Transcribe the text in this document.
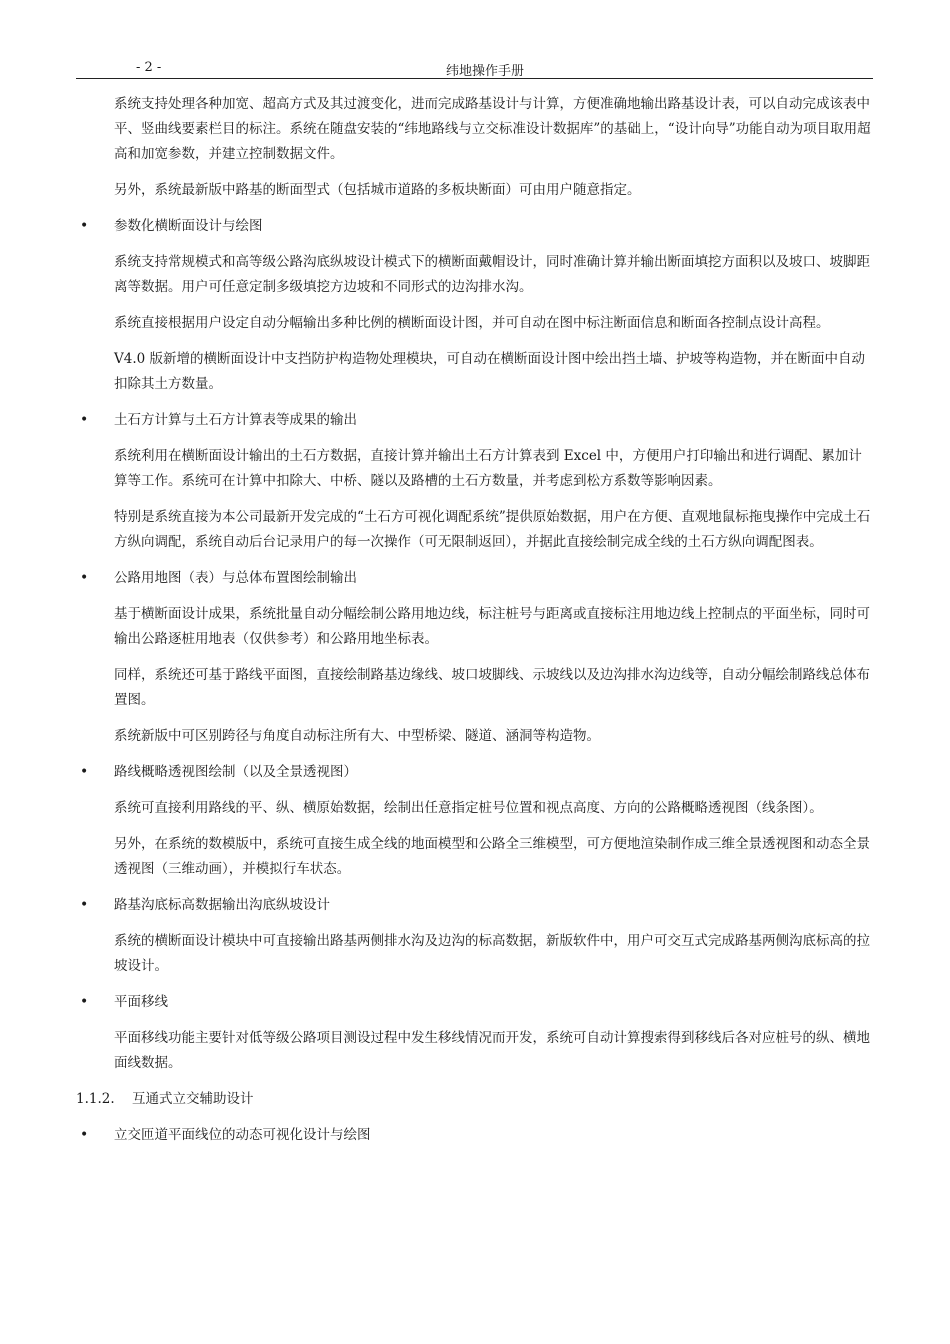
- 2 -	纬地操作手册

系统支持处理各种加宽、超高方式及其过渡变化，进而完成路基设计与计算，方便准确地输出路基设计表，可以自动完成该表中平、竖曲线要素栏目的标注。系统在随盘安装的“纬地路线与立交标准设计数据库”的基础上，“设计向导”功能自动为项目取用超高和加宽参数，并建立控制数据文件。

另外，系统最新版中路基的断面型式（包括城市道路的多板块断面）可由用户随意指定。

• 参数化横断面设计与绘图

系统支持常规模式和高等级公路沟底纵坡设计模式下的横断面戴帽设计，同时准确计算并输出断面填挖方面积以及坡口、坡脚距离等数据。用户可任意定制多级填挖方边坡和不同形式的边沟排水沟。

系统直接根据用户设定自动分幅输出多种比例的横断面设计图，并可自动在图中标注断面信息和断面各控制点设计高程。

V4.0 版新增的横断面设计中支挡防护构造物处理模块，可自动在横断面设计图中绘出挡土墙、护坡等构造物，并在断面中自动扣除其土方数量。

• 土石方计算与土石方计算表等成果的输出

系统利用在横断面设计输出的土石方数据，直接计算并输出土石方计算表到 Excel 中，方便用户打印输出和进行调配、累加计算等工作。系统可在计算中扣除大、中桥、隧以及路槽的土石方数量，并考虑到松方系数等影响因素。

特别是系统直接为本公司最新开发完成的“土石方可视化调配系统”提供原始数据，用户在方便、直观地鼠标拖曳操作中完成土石方纵向调配，系统自动后台记录用户的每一次操作（可无限制返回），并据此直接绘制完成全线的土石方纵向调配图表。

• 公路用地图（表）与总体布置图绘制输出

基于横断面设计成果，系统批量自动分幅绘制公路用地边线，标注桩号与距离或直接标注用地边线上控制点的平面坐标，同时可输出公路逐桩用地表（仅供参考）和公路用地坐标表。

同样，系统还可基于路线平面图，直接绘制路基边缘线、坡口坡脚线、示坡线以及边沟排水沟边线等，自动分幅绘制路线总体布置图。

系统新版中可区别跨径与角度自动标注所有大、中型桥梁、隧道、涵洞等构造物。

• 路线概略透视图绘制（以及全景透视图）

系统可直接利用路线的平、纵、横原始数据，绘制出任意指定桩号位置和视点高度、方向的公路概略透视图（线条图）。

另外，在系统的数模版中，系统可直接生成全线的地面模型和公路全三维模型，可方便地渲染制作成三维全景透视图和动态全景透视图（三维动画），并模拟行车状态。

• 路基沟底标高数据输出沟底纵坡设计

系统的横断面设计模块中可直接输出路基两侧排水沟及边沟的标高数据，新版软件中，用户可交互式完成路基两侧沟底标高的拉坡设计。

• 平面移线

平面移线功能主要针对低等级公路项目测设过程中发生移线情况而开发，系统可自动计算搜索得到移线后各对应桩号的纵、横地面线数据。

1.1.2. 互通式立交辅助设计
• 立交匝道平面线位的动态可视化设计与绘图
